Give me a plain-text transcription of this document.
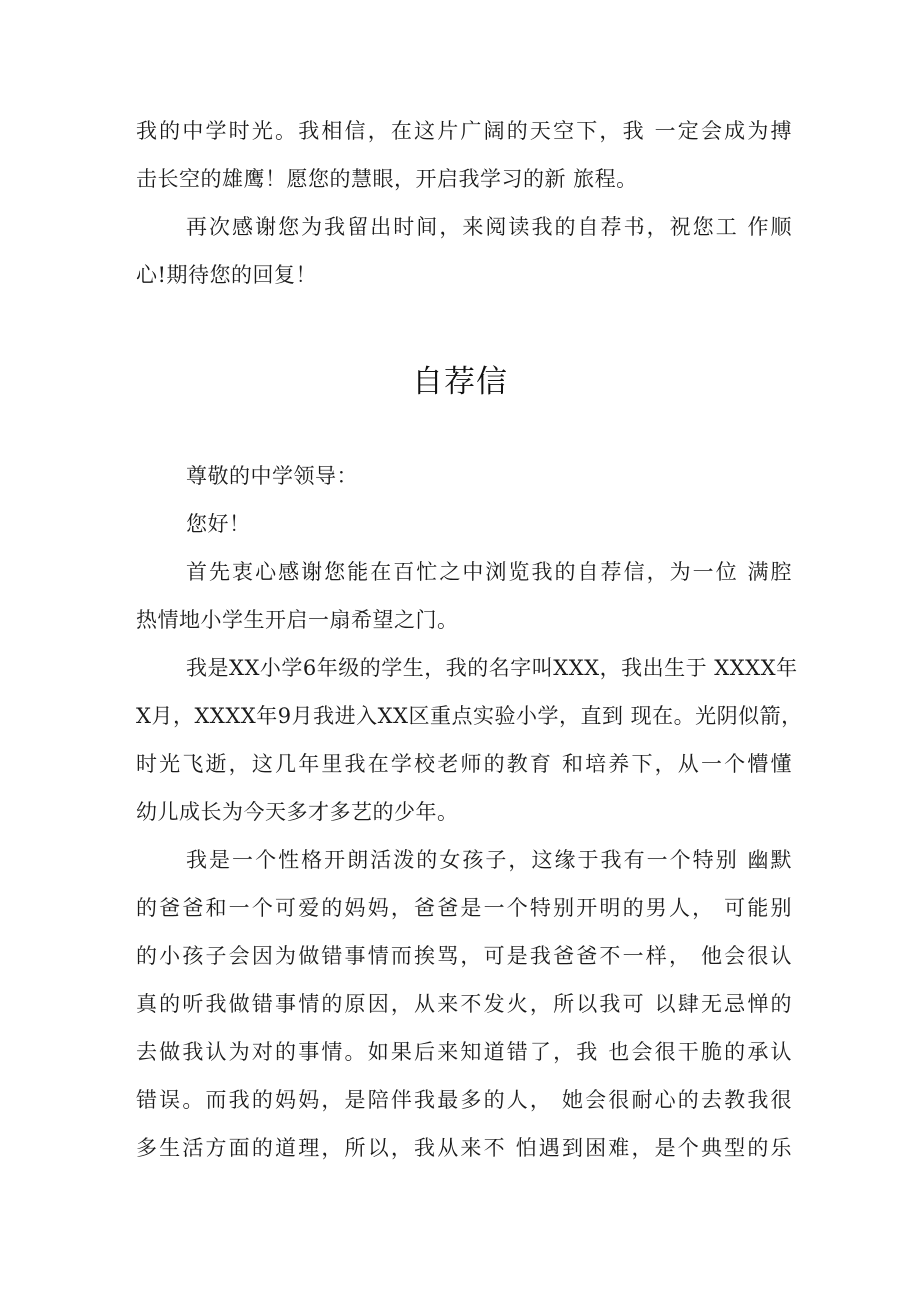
我的中学时光。我相信，在这片广阔的天空下，我 一定会成为搏
击长空的雄鹰！愿您的慧眼，开启我学习的新 旅程。
再次感谢您为我留出时间，来阅读我的自荐书，祝您工 作顺
心!期待您的回复！
自荐信
尊敬的中学领导：
您好！
首先衷心感谢您能在百忙之中浏览我的自荐信，为一位 满腔
热情地小学生开启一扇希望之门。
我是XX小学6年级的学生，我的名字叫XXX，我出生于 XXXX年
X月，XXXX年9月我进入XX区重点实验小学，直到 现在。光阴似箭，
时光飞逝，这几年里我在学校老师的教育 和培养下，从一个懵懂
幼儿成长为今天多才多艺的少年。
我是一个性格开朗活泼的女孩子，这缘于我有一个特别 幽默
的爸爸和一个可爱的妈妈，爸爸是一个特别开明的男人， 可能别
的小孩子会因为做错事情而挨骂，可是我爸爸不一样， 他会很认
真的听我做错事情的原因，从来不发火，所以我可 以肆无忌惮的
去做我认为对的事情。如果后来知道错了，我 也会很干脆的承认
错误。而我的妈妈，是陪伴我最多的人， 她会很耐心的去教我很
多生活方面的道理，所以，我从来不 怕遇到困难，是个典型的乐
